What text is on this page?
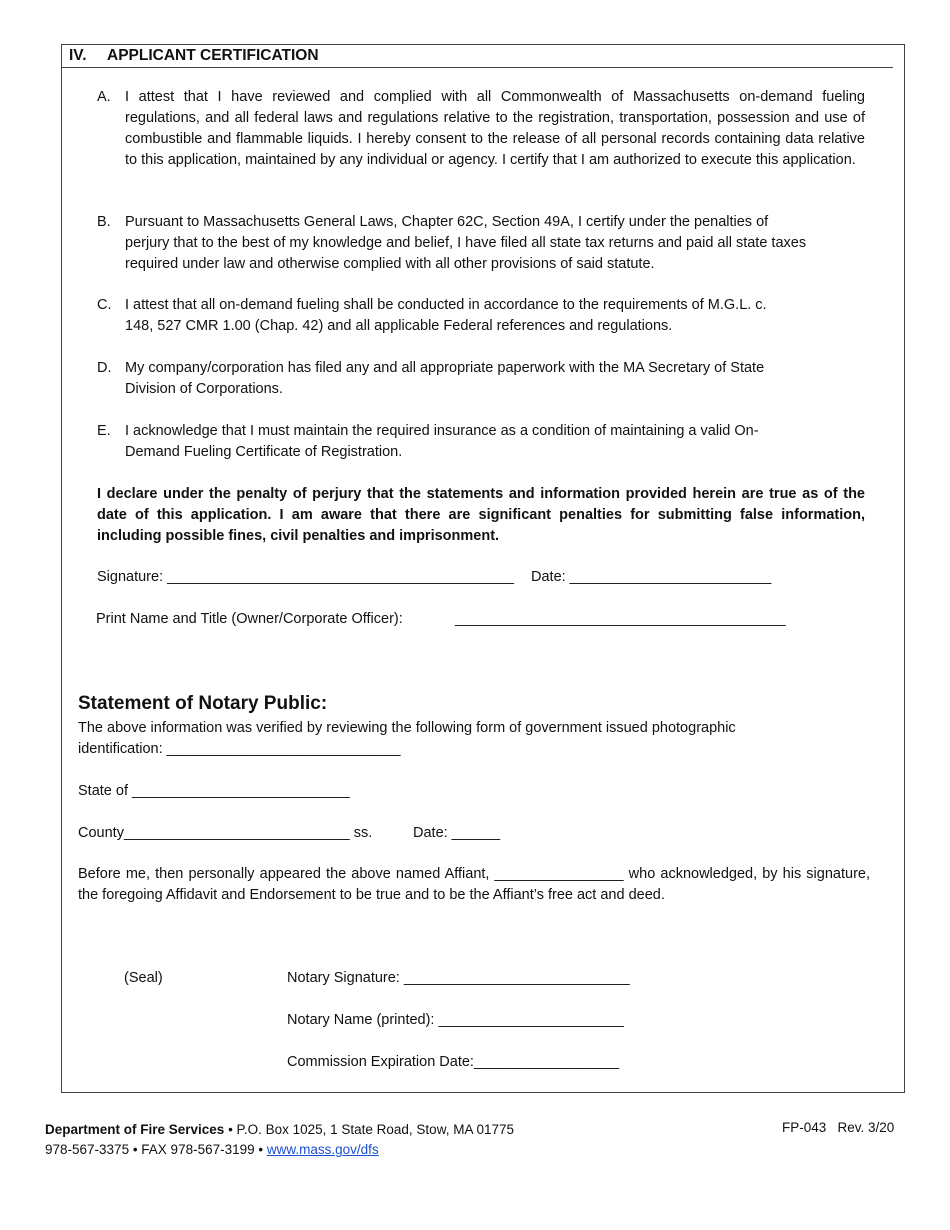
IV. APPLICANT CERTIFICATION
A. I attest that I have reviewed and complied with all Commonwealth of Massachusetts on-demand fueling regulations, and all federal laws and regulations relative to the registration, transportation, possession and use of combustible and flammable liquids. I hereby consent to the release of all personal records containing data relative to this application, maintained by any individual or agency. I certify that I am authorized to execute this application.
B. Pursuant to Massachusetts General Laws, Chapter 62C, Section 49A, I certify under the penalties of perjury that to the best of my knowledge and belief, I have filed all state tax returns and paid all state taxes required under law and otherwise complied with all other provisions of said statute.
C. I attest that all on-demand fueling shall be conducted in accordance to the requirements of M.G.L. c. 148, 527 CMR 1.00 (Chap. 42) and all applicable Federal references and regulations.
D. My company/corporation has filed any and all appropriate paperwork with the MA Secretary of State Division of Corporations.
E. I acknowledge that I must maintain the required insurance as a condition of maintaining a valid On-Demand Fueling Certificate of Registration.
I declare under the penalty of perjury that the statements and information provided herein are true as of the date of this application. I am aware that there are significant penalties for submitting false information, including possible fines, civil penalties and imprisonment.
Signature: ___________________________________________ Date: _________________________
Print Name and Title (Owner/Corporate Officer):	_________________________________________
Statement of Notary Public:
The above information was verified by reviewing the following form of government issued photographic identification: _____________________________
State of ___________________________
County____________________________ ss.	Date: ______
Before me, then personally appeared the above named Affiant, ________________ who acknowledged, by his signature, the foregoing Affidavit and Endorsement to be true and to be the Affiant’s free act and deed.
(Seal)	Notary Signature: ____________________________
Notary Name (printed): _______________________
Commission Expiration Date:__________________
Department of Fire Services • P.O. Box 1025, 1 State Road, Stow, MA 01775
978-567-3375 • FAX 978-567-3199 • www.mass.gov/dfs
FP-043   Rev. 3/20
